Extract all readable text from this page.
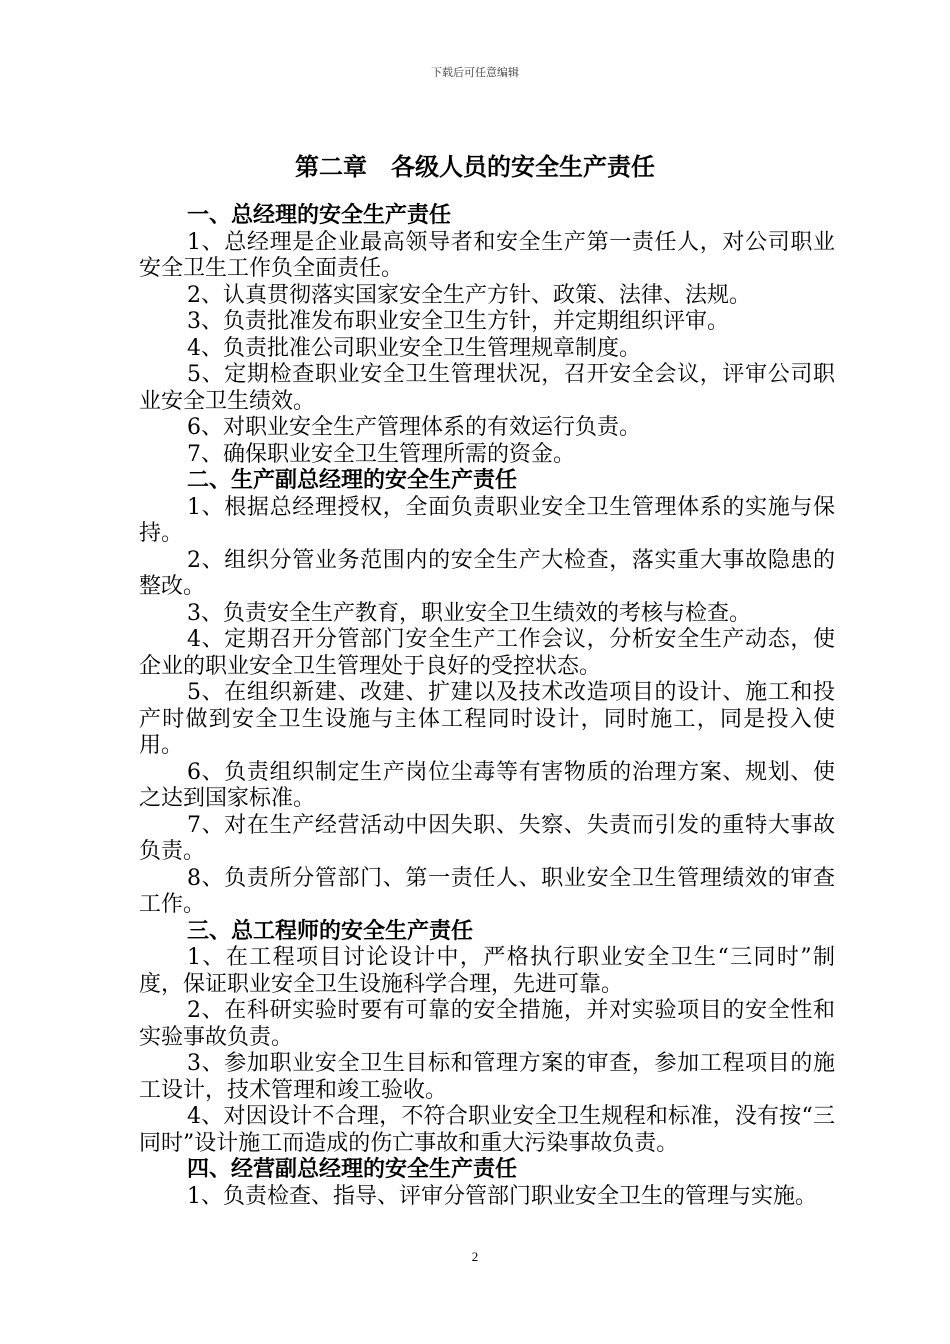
下载后可任意编辑
第二章　各级人员的安全生产责任

一、总经理的安全生产责任

1、总经理是企业最高领导者和安全生产第一责任人，对公司职业安全卫生工作负全面责任。

2、认真贯彻落实国家安全生产方针、政策、法律、法规。

3、负责批准发布职业安全卫生方针，并定期组织评审。

4、负责批准公司职业安全卫生管理规章制度。

5、定期检查职业安全卫生管理状况，召开安全会议，评审公司职业安全卫生绩效。

6、对职业安全生产管理体系的有效运行负责。

7、确保职业安全卫生管理所需的资金。

二、生产副总经理的安全生产责任

1、根据总经理授权，全面负责职业安全卫生管理体系的实施与保持。

2、组织分管业务范围内的安全生产大检查，落实重大事故隐患的整改。

3、负责安全生产教育，职业安全卫生绩效的考核与检查。

4、定期召开分管部门安全生产工作会议，分析安全生产动态，使企业的职业安全卫生管理处于良好的受控状态。

5、在组织新建、改建、扩建以及技术改造项目的设计、施工和投产时做到安全卫生设施与主体工程同时设计，同时施工，同是投入使用。

6、负责组织制定生产岗位尘毒等有害物质的治理方案、规划、使之达到国家标准。

7、对在生产经营活动中因失职、失察、失责而引发的重特大事故负责。

8、负责所分管部门、第一责任人、职业安全卫生管理绩效的审查工作。

三、总工程师的安全生产责任

1、在工程项目讨论设计中，严格执行职业安全卫生“三同时”制度，保证职业安全卫生设施科学合理，先进可靠。

2、在科研实验时要有可靠的安全措施，并对实验项目的安全性和实验事故负责。

3、参加职业安全卫生目标和管理方案的审查，参加工程项目的施工设计，技术管理和竣工验收。

4、对因设计不合理，不符合职业安全卫生规程和标准，没有按“三同时”设计施工而造成的伤亡事故和重大污染事故负责。

四、经营副总经理的安全生产责任

1、负责检查、指导、评审分管部门职业安全卫生的管理与实施。

2
